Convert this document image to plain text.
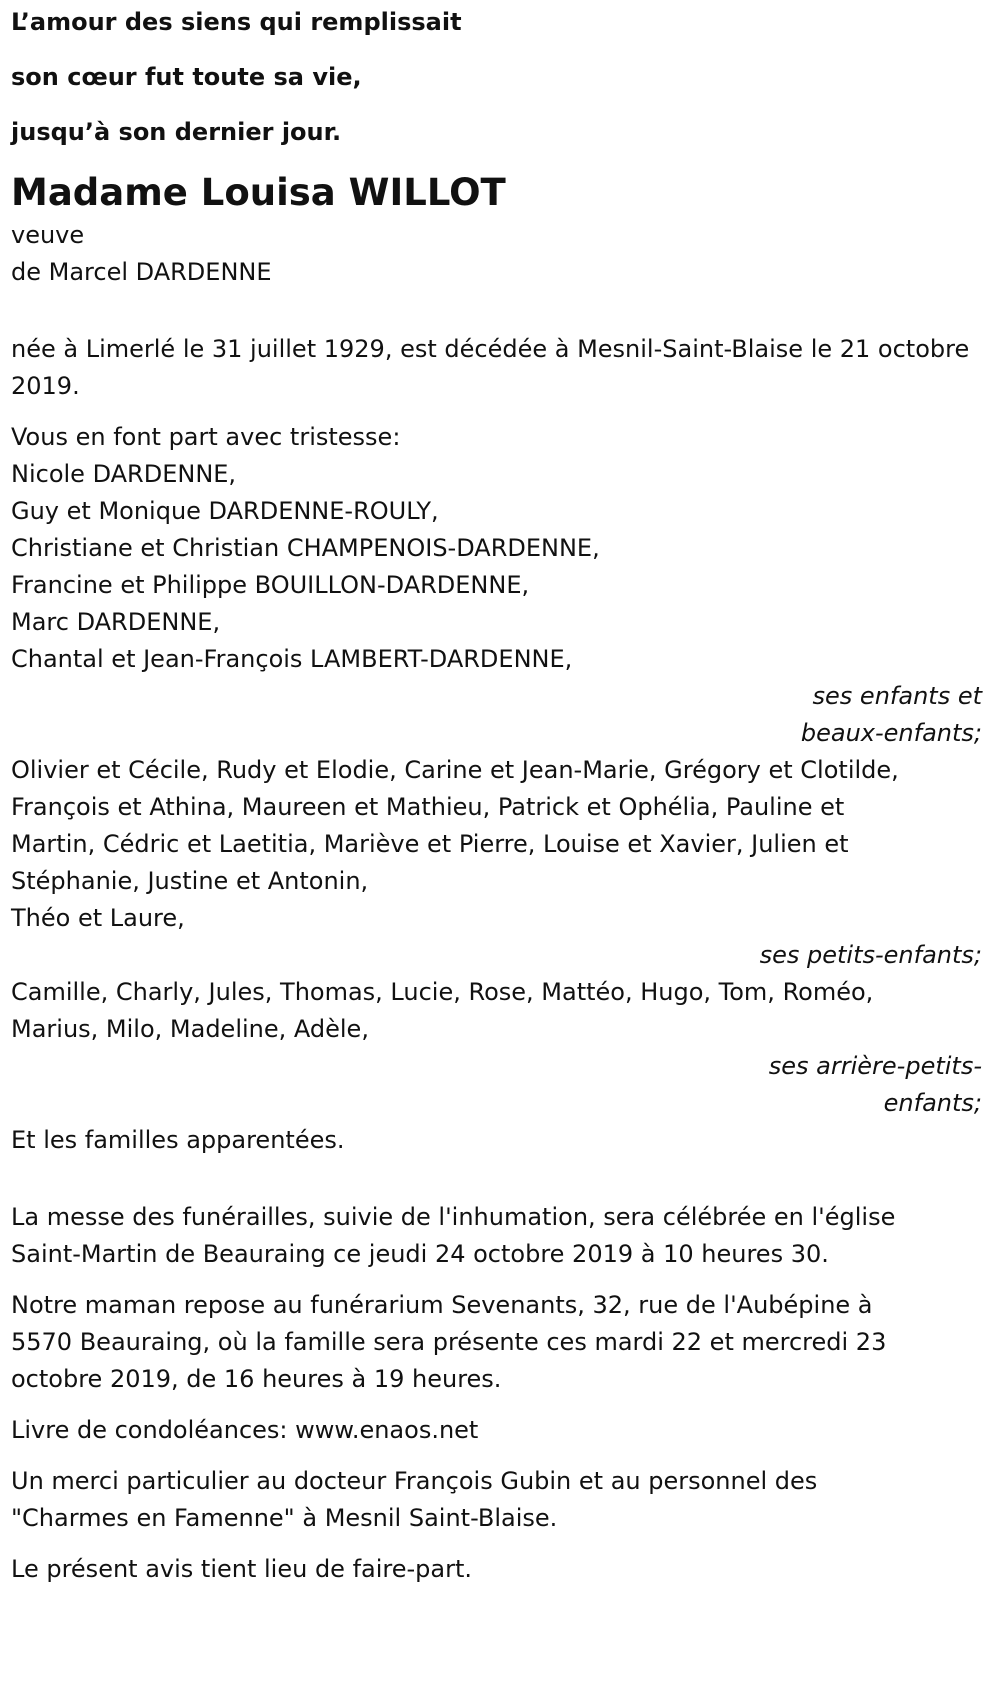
L’amour des siens qui remplissait

son cœur fut toute sa vie,

jusqu’à son dernier jour.

Madame Louisa WILLOT

veuve

de Marcel DARDENNE

née à Limerlé le 31 juillet 1929, est décédée à Mesnil-Saint-Blaise le 21 octobre 2019.

Vous en font part avec tristesse:

Nicole DARDENNE,

Guy et Monique DARDENNE-ROULY,

Christiane et Christian CHAMPENOIS-DARDENNE,

Francine et Philippe BOUILLON-DARDENNE,

Marc DARDENNE,

Chantal et Jean-François LAMBERT-DARDENNE,

ses enfants et

beaux-enfants;

Olivier et Cécile, Rudy et Elodie, Carine et Jean-Marie, Grégory et Clotilde,

François et Athina, Maureen et Mathieu, Patrick et Ophélia, Pauline et

Martin, Cédric et Laetitia, Mariève et Pierre, Louise et Xavier, Julien et

Stéphanie, Justine et Antonin,

Théo et Laure,

ses petits-enfants;

Camille, Charly, Jules, Thomas, Lucie, Rose, Mattéo, Hugo, Tom, Roméo,

Marius, Milo, Madeline, Adèle,

ses arrière-petits-

enfants;

Et les familles apparentées.

La messe des funérailles, suivie de l'inhumation, sera célébrée en l'église

Saint-Martin de Beauraing ce jeudi 24 octobre 2019 à 10 heures 30.

Notre maman repose au funérarium Sevenants, 32, rue de l'Aubépine à

5570 Beauraing, où la famille sera présente ces mardi 22 et mercredi 23

octobre 2019, de 16 heures à 19 heures.

Livre de condoléances: www.enaos.net

Un merci particulier au docteur François Gubin et au personnel des

"Charmes en Famenne" à Mesnil Saint-Blaise.

Le présent avis tient lieu de faire-part.
